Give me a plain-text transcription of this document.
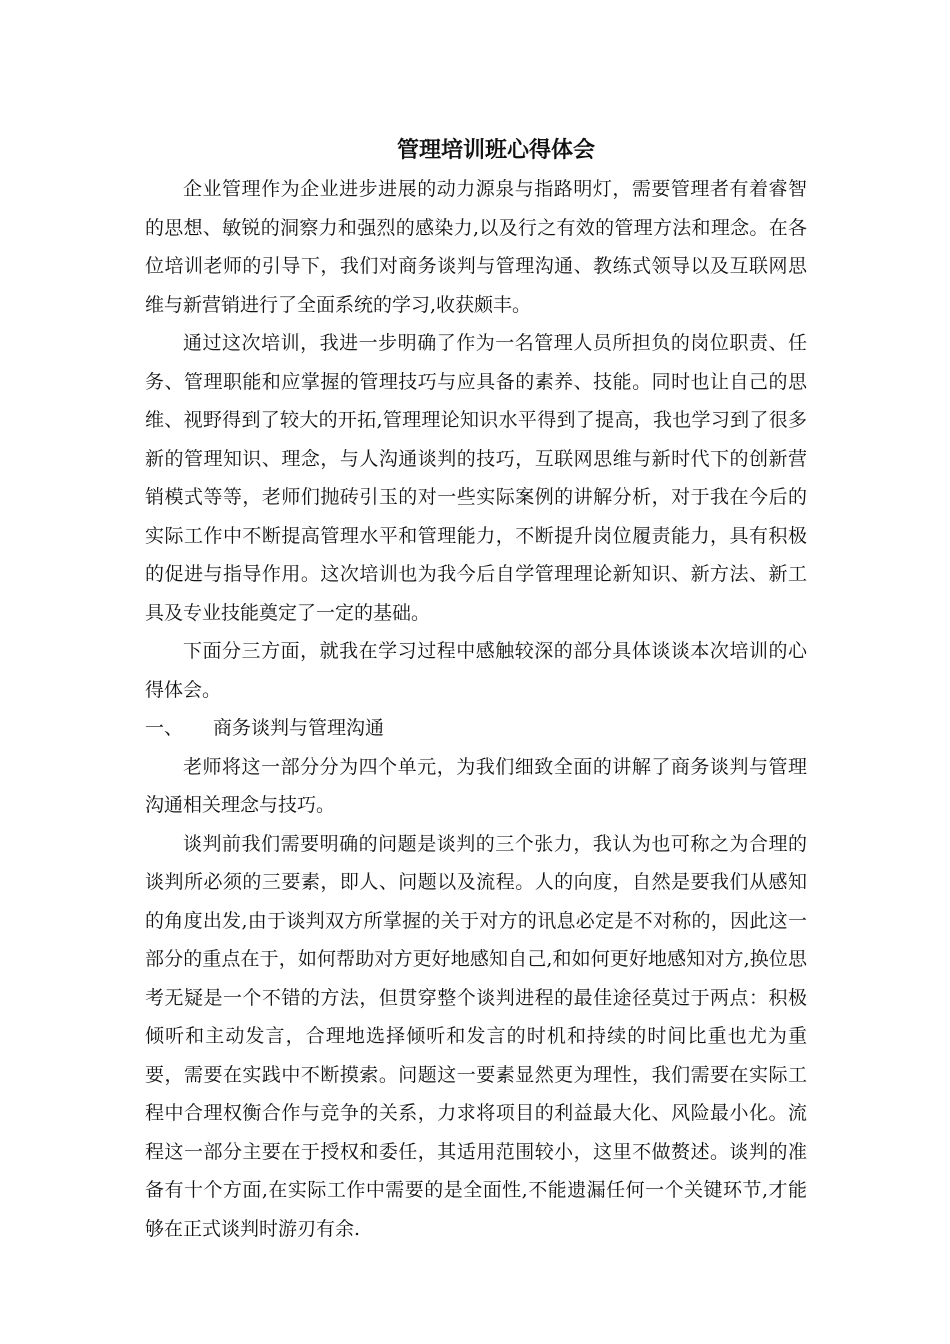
管理培训班心得体会

企业管理作为企业进步进展的动力源泉与指路明灯，需要管理者有着睿智的思想、敏锐的洞察力和强烈的感染力,以及行之有效的管理方法和理念。在各位培训老师的引导下，我们对商务谈判与管理沟通、教练式领导以及互联网思维与新营销进行了全面系统的学习,收获颇丰。

通过这次培训，我进一步明确了作为一名管理人员所担负的岗位职责、任务、管理职能和应掌握的管理技巧与应具备的素养、技能。同时也让自己的思维、视野得到了较大的开拓,管理理论知识水平得到了提高，我也学习到了很多新的管理知识、理念，与人沟通谈判的技巧，互联网思维与新时代下的创新营销模式等等，老师们抛砖引玉的对一些实际案例的讲解分析，对于我在今后的实际工作中不断提高管理水平和管理能力，不断提升岗位履责能力，具有积极的促进与指导作用。这次培训也为我今后自学管理理论新知识、新方法、新工具及专业技能奠定了一定的基础。

下面分三方面，就我在学习过程中感触较深的部分具体谈谈本次培训的心得体会。

一、	商务谈判与管理沟通

老师将这一部分分为四个单元，为我们细致全面的讲解了商务谈判与管理沟通相关理念与技巧。

谈判前我们需要明确的问题是谈判的三个张力，我认为也可称之为合理的谈判所必须的三要素，即人、问题以及流程。人的向度，自然是要我们从感知的角度出发,由于谈判双方所掌握的关于对方的讯息必定是不对称的，因此这一部分的重点在于，如何帮助对方更好地感知自己,和如何更好地感知对方,换位思考无疑是一个不错的方法，但贯穿整个谈判进程的最佳途径莫过于两点：积极倾听和主动发言，合理地选择倾听和发言的时机和持续的时间比重也尤为重要，需要在实践中不断摸索。问题这一要素显然更为理性，我们需要在实际工程中合理权衡合作与竞争的关系，力求将项目的利益最大化、风险最小化。流程这一部分主要在于授权和委任，其适用范围较小，这里不做赘述。谈判的准备有十个方面,在实际工作中需要的是全面性,不能遗漏任何一个关键环节,才能够在正式谈判时游刃有余.
